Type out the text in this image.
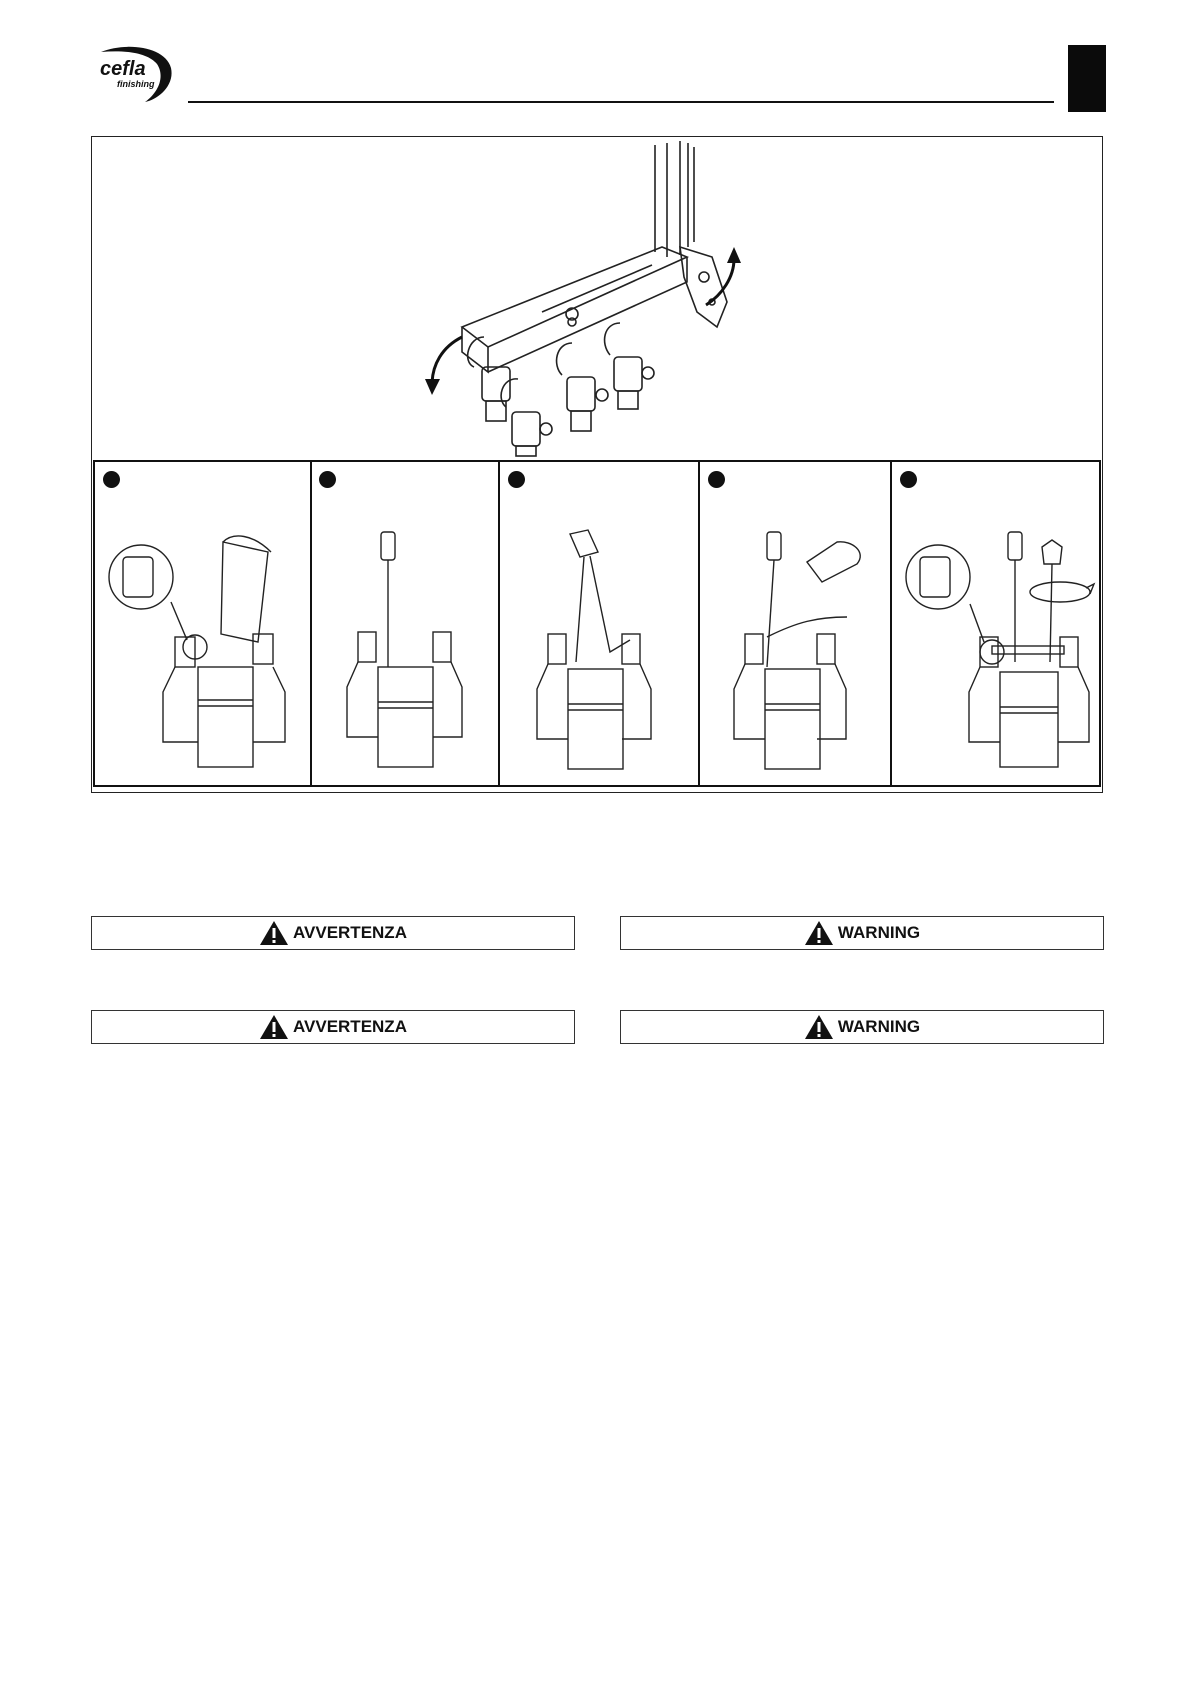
cefla
finishing
AVVERTENZA	WARNING
AVVERTENZA	WARNING
